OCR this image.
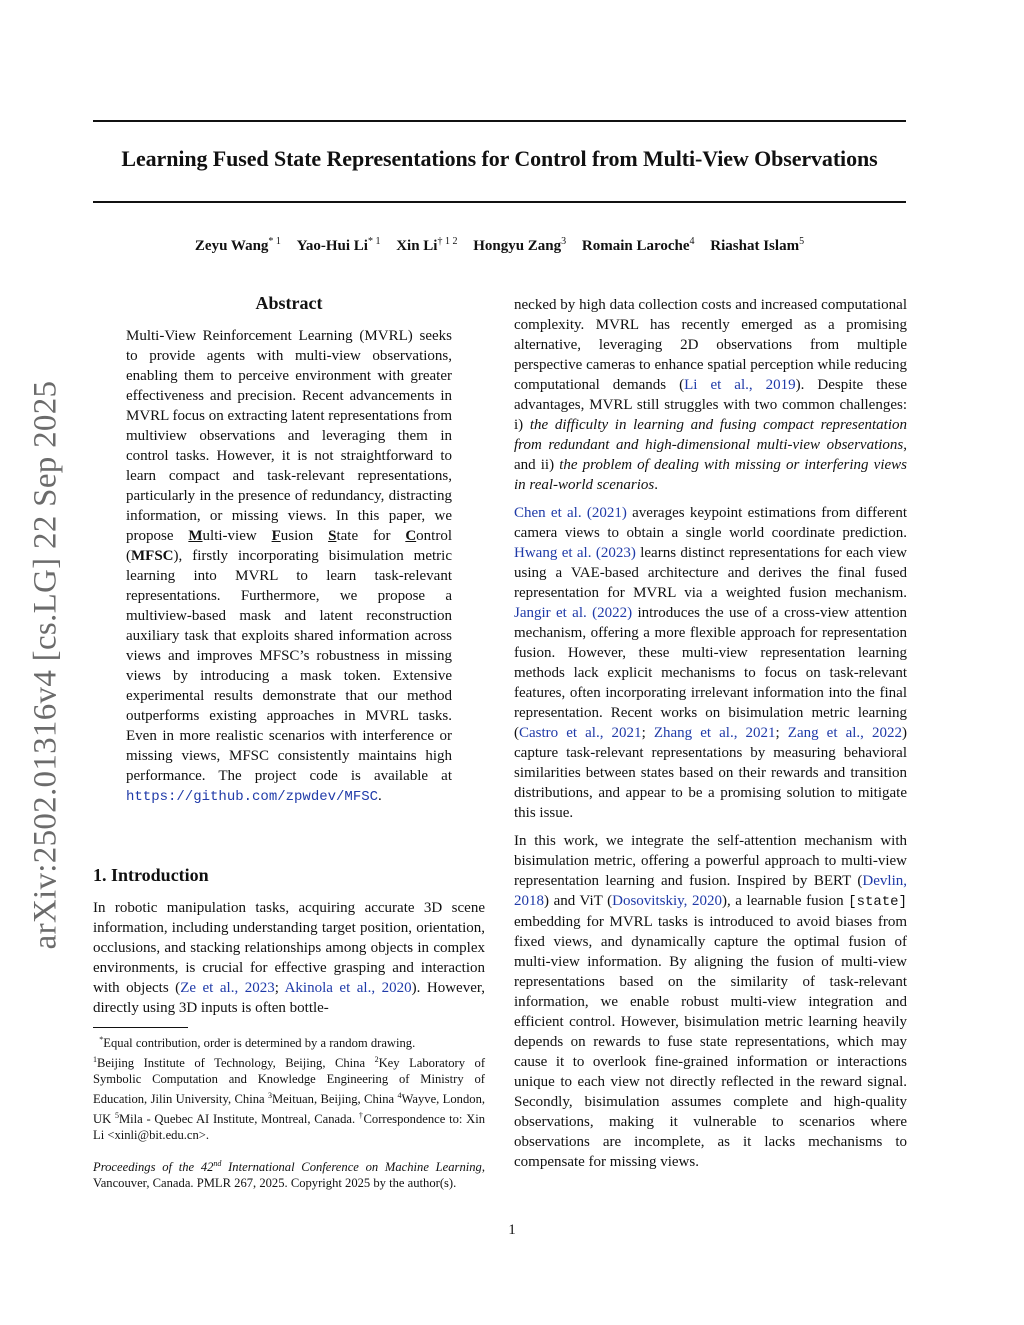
arXiv:2502.01316v4 [cs.LG] 22 Sep 2025
Learning Fused State Representations for Control from Multi-View Observations
Zeyu Wang$^{* 1}$ Yao-Hui Li$^{* 1}$ Xin $Li^{\dagger 1 2}$ Hongyu Zang$^3$ Romain Laroche$^4$ Riashat Islam$^5$
Abstract

Multi-View Reinforcement Learning (MVRL) seeks to provide agents with multi-view observations, enabling them to perceive environment with greater effectiveness and precision. Recent advancements in MVRL focus on extracting latent representations from multiview observations and leveraging them in control tasks. However, it is not straightforward to learn compact and task-relevant representations, particularly in the presence of redundancy, distracting information, or missing views. In this paper, we propose Multi-view Fusion State for Control (MFSC), firstly incorporating bisimulation metric learning into MVRL to learn task-relevant representations. Furthermore, we propose a multiview-based mask and latent reconstruction auxiliary task that exploits shared information across views and improves MFSC’s robustness in missing views by introducing a mask token. Extensive experimental results demonstrate that our method outperforms existing approaches in MVRL tasks. Even in more realistic scenarios with interference or missing views, MFSC consistently maintains high performance. The project code is available at https://github.com/zpwdev/MFSC.

1. Introduction

In robotic manipulation tasks, acquiring accurate 3D scene information, including understanding target position, orientation, occlusions, and stacking relationships among objects in complex environments, is crucial for effective grasping and interaction with objects (Ze et al., 2023; Akinola et al., 2020). However, directly using 3D inputs is often bottle-

*Equal contribution, order is determined by a random drawing.
$^1$Beijing Institute of Technology, Beijing, China $^2$Key Laboratory of Symbolic Computation and Knowledge Engineering of Ministry of Education, Jilin University, China $^3$Meituan, Beijing, China $^4$Wayve, London, UK $^5$Mila - Quebec AI Institute, Montreal, Canada. †Correspondence to: Xin Li <xinli@bit.edu.cn>.

Proceedings of the 42nd International Conference on Machine Learning, Vancouver, Canada. PMLR 267, 2025. Copyright 2025 by the author(s).

necked by high data collection costs and increased computational complexity. MVRL has recently emerged as a promising alternative, leveraging 2D observations from multiple perspective cameras to enhance spatial perception while reducing computational demands (Li et al., 2019). Despite these advantages, MVRL still struggles with two common challenges: i) the difficulty in learning and fusing compact representation from redundant and high-dimensional multi-view observations, and ii) the problem of dealing with missing or interfering views in real-world scenarios.

Chen et al. (2021) averages keypoint estimations from different camera views to obtain a single world coordinate prediction. Hwang et al. (2023) learns distinct representations for each view using a VAE-based architecture and derives the final fused representation for MVRL via a weighted fusion mechanism. Jangir et al. (2022) introduces the use of a cross-view attention mechanism, offering a more flexible approach for representation fusion. However, these multi-view representation learning methods lack explicit mechanisms to focus on task-relevant features, often incorporating irrelevant information into the final representation. Recent works on bisimulation metric learning (Castro et al., 2021; Zhang et al., 2021; Zang et al., 2022) capture task-relevant representations by measuring behavioral similarities between states based on their rewards and transition distributions, and appear to be a promising solution to mitigate this issue.

In this work, we integrate the self-attention mechanism with bisimulation metric, offering a powerful approach to multi-view representation learning and fusion. Inspired by BERT (Devlin, 2018) and ViT (Dosovitskiy, 2020), a learnable fusion [state] embedding for MVRL tasks is introduced to avoid biases from fixed views, and dynamically capture the optimal fusion of multi-view information. By aligning the fusion of multi-view representations based on the similarity of task-relevant information, we enable robust multi-view integration and efficient control. However, bisimulation metric learning heavily depends on rewards to fuse state representations, which may cause it to overlook fine-grained information or interactions unique to each view not directly reflected in the reward signal. Secondly, bisimulation assumes complete and high-quality observations, making it vulnerable to scenarios where observations are incomplete, as it lacks mechanisms to compensate for missing views.

1
